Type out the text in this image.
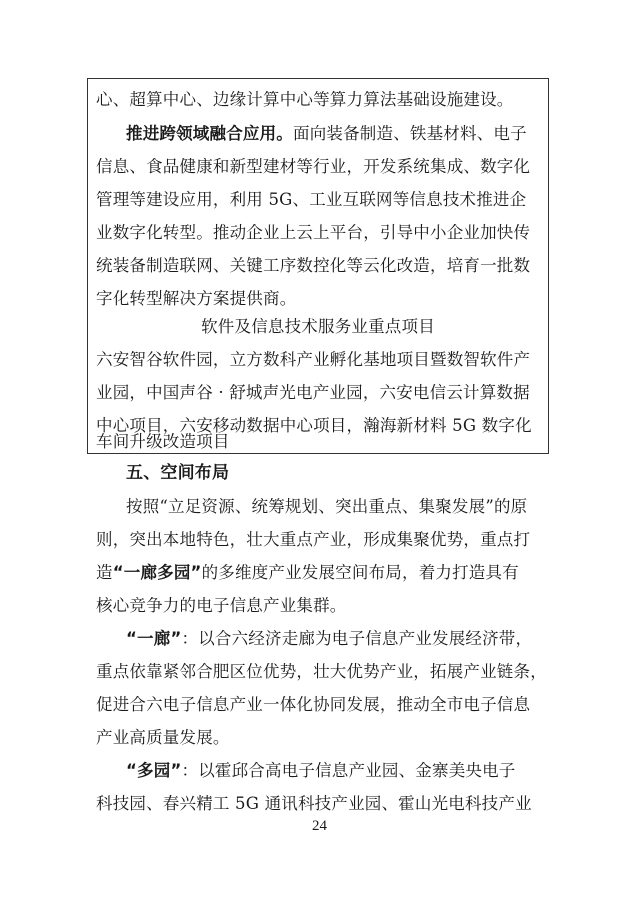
心、超算中心、边缘计算中心等算力算法基础设施建设。
推进跨领域融合应用。面向装备制造、铁基材料、电子
信息、食品健康和新型建材等行业，开发系统集成、数字化
管理等建设应用，利用 5G、工业互联网等信息技术推进企
业数字化转型。推动企业上云上平台，引导中小企业加快传
统装备制造联网、关键工序数控化等云化改造，培育一批数
字化转型解决方案提供商。
软件及信息技术服务业重点项目
六安智谷软件园，立方数科产业孵化基地项目暨数智软件产
业园，中国声谷 · 舒城声光电产业园，六安电信云计算数据
中心项目，六安移动数据中心项目，瀚海新材料 5G 数字化
车间升级改造项目
五、空间布局
按照“立足资源、统筹规划、突出重点、集聚发展”的原
则，突出本地特色，壮大重点产业，形成集聚优势，重点打
造“一廊多园”的多维度产业发展空间布局，着力打造具有
核心竞争力的电子信息产业集群。
“一廊”：以合六经济走廊为电子信息产业发展经济带，
重点依靠紧邻合肥区位优势，壮大优势产业，拓展产业链条，
促进合六电子信息产业一体化协同发展，推动全市电子信息
产业高质量发展。
“多园”：以霍邱合高电子信息产业园、金寨美央电子
科技园、春兴精工 5G 通讯科技产业园、霍山光电科技产业
24
